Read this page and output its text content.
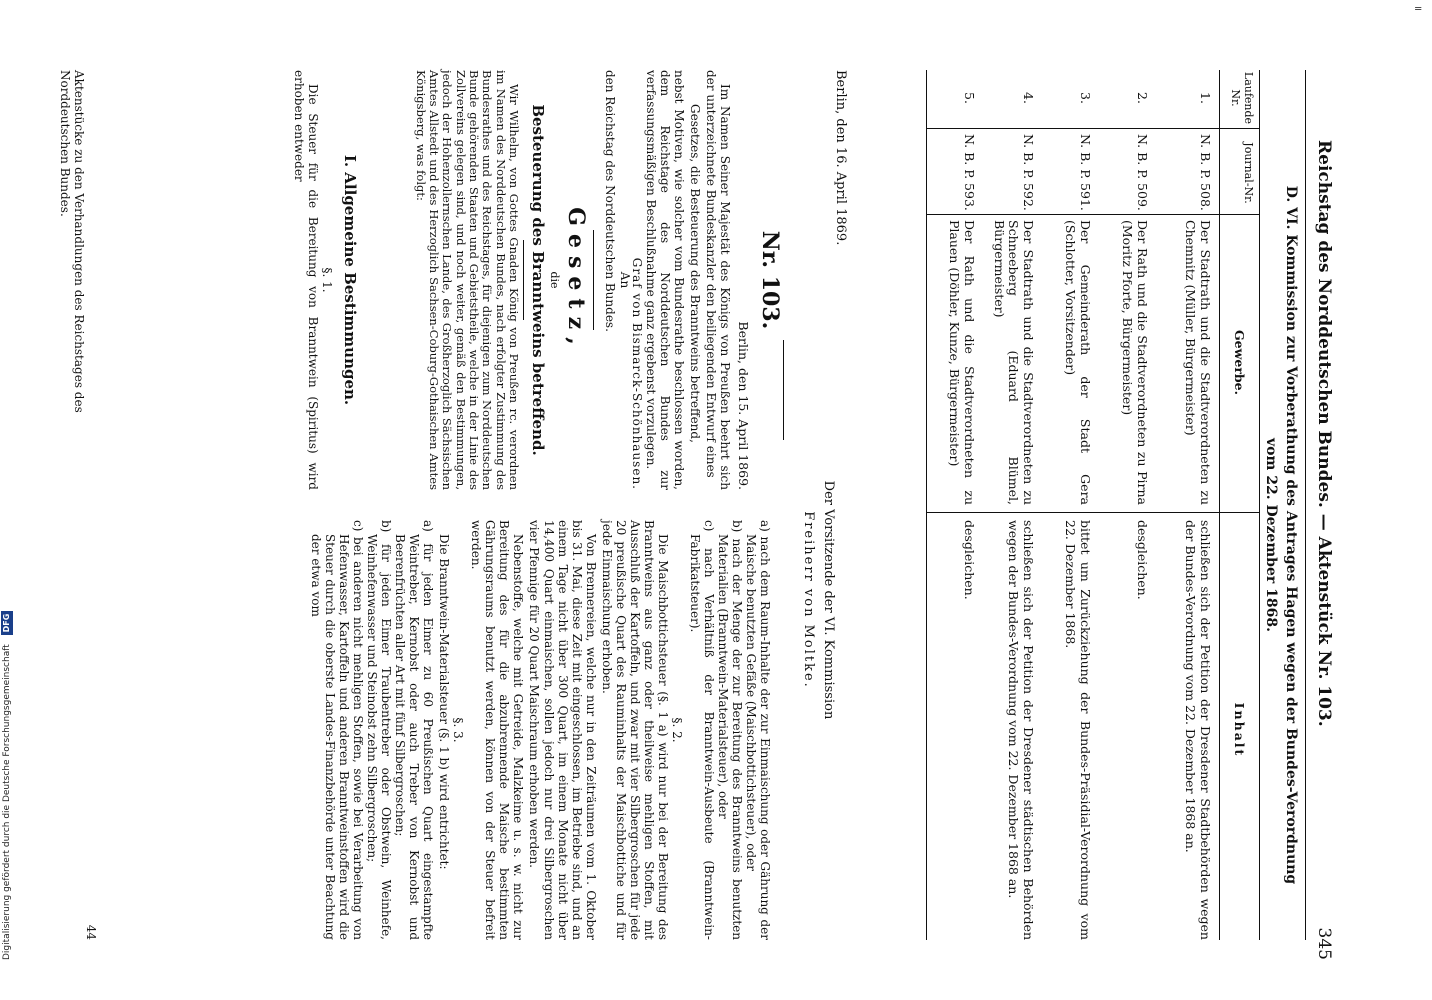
Reichstag des Norddeutschen Bundes. — Aktenstück Nr. 103.
345
D. VI. Kommission zur Vorberathung des Antrages Hagen wegen der Bundes-Verordnung
vom 22. Dezember 1868.
Laufende Nr.
Journal-Nr.
Gewerbe.
Inhalt
1.
N. B. P. 508.
Der Stadtrath und die Stadtverordneten zu Chemnitz (Müller, Bürgermeister)
schließen sich der Petition der Dresdener Stadtbehörden wegen der Bundes-Verordnung vom 22. Dezember 1868 an.
2.
N. B. P. 509.
Der Rath und die Stadtverordneten zu Pirna (Moritz Pforte, Bürgermeister)
desgleichen.
3.
N. B. P. 591.
Der Gemeinderath der Stadt Gera (Schlotter, Vorsitzender)
bittet um Zurückziehung der Bundes-Präsidial-Verordnung vom 22. Dezember 1868.
4.
N. B. P. 592.
Der Stadtrath und die Stadtverordneten zu Schneeberg (Eduard Blümel, Bürgermeister)
schließen sich der Petition der Dresdener städtischen Behörden wegen der Bundes-Verordnung vom 22. Dezember 1868 an.
5.
N. B. P. 593.
Der Rath und die Stadtverordneten zu Plauen (Döhler, Kunze, Bürgermeister)
desgleichen.
Berlin, den 16. April 1869.
Der Vorsitzende der VI. Kommission
Freiherr von Moltke.
Nr. 103.
Berlin, den 15. April 1869.

Im Namen Seiner Majestät des Königs von Preußen beehrt sich der unterzeichnete Bundeskanzler den beiliegenden Entwurf eines

Gesetzes, die Besteuerung des Branntweins betreffend,

nebst Motiven, wie solcher vom Bundesrathe beschlossen worden, dem Reichstage des Norddeutschen Bundes zur verfassungsmäßigen Beschlußnahme ganz ergebenst vorzulegen.

Graf von Bismarck-Schönhausen.

An
den Reichstag des Norddeutschen Bundes.
Gesetz,
die
Besteuerung des Branntweins betreffend.
Wir Wilhelm, von Gottes Gnaden König von Preußen rc. verordnen im Namen des Norddeutschen Bundes, nach erfolgter Zustimmung des Bundesrathes und des Reichstages, für diejenigen zum Norddeutschen Bunde gehörenden Staaten und Gebietstheile, welche in der Linie des Zollvereins gelegen sind, und noch weiter, gemäß den Bestimmungen, jedoch der Hohenzollernschen Lande, des Großherzoglich Sächsischen Amtes Allstedt und des Herzoglich Sachsen-Coburg-Gothaischen Amtes Königsberg, was folgt:
I. Allgemeine Bestimmungen.
§. 1.
Die Steuer für die Bereitung von Branntwein (Spiritus) wird erhoben entweder
Aktenstücke zu den Verhandlungen des Reichstages des Norddeutschen Bundes.

a) nach dem Raum-Inhalte der zur Einmaischung oder Gährung der Maische benutzten Gefäße (Maischbottichsteuer), oder

b) nach der Menge der zur Bereitung des Branntweins benutzten Materialien (Branntwein-Materialsteuer), oder

c) nach Verhältniß der Branntwein-Ausbeute (Branntwein-Fabrikatsteuer).

§. 2.

Die Maischbottichsteuer (§. 1 a) wird nur bei der Bereitung des Branntweins aus ganz oder theilweise mehligen Stoffen, mit Ausschluß der Kartoffeln, und zwar mit vier Silbergroschen für jede 20 preußische Quart des Rauminhalts der Maischbottiche und für jede Einmaischung erhoben.

Von Brennereien, welche nur in den Zeiträumen vom 1. Oktober bis 31. Mai, diese Zeit mit eingeschlossen, im Betriebe sind, und an einem Tage nicht über 300 Quart, im einem Monate nicht über 14,400 Quart einmaischen, sollen jedoch nur drei Silbergroschen vier Pfennige für 20 Quart Maischraum erhoben werden.

Nebenstoffe, welche mit Getreide, Malzkeime u. s. w. nicht zur Bereitung des für die abzubrennende Maische bestimmten Gährungsraums benutzt werden, können von der Steuer befreit werden.

§. 3.

Die Branntwein-Materialsteuer (§. 1 b) wird entrichtet:

a) für jeden Eimer zu 60 Preußischen Quart eingestampfte Weintreber, Kernobst oder auch Treber von Kernobst und Beerenfrüchten aller Art mit fünf Silbergroschen;

b) für jeden Eimer Traubentreber oder Obstwein, Weinhefe, Weinhefenwasser und Steinobst zehn Silbergroschen;

c) bei anderen nicht mehligen Stoffen, sowie bei Verarbeitung von Hefenwasser, Kartoffeln und anderen Branntweinstoffen wird die Steuer durch die oberste Landes-Finanzbehörde unter Beachtung der etwa vom

44
=
Digitalisierung gefördert durch die Deutsche Forschungsgemeinschaft DFG
